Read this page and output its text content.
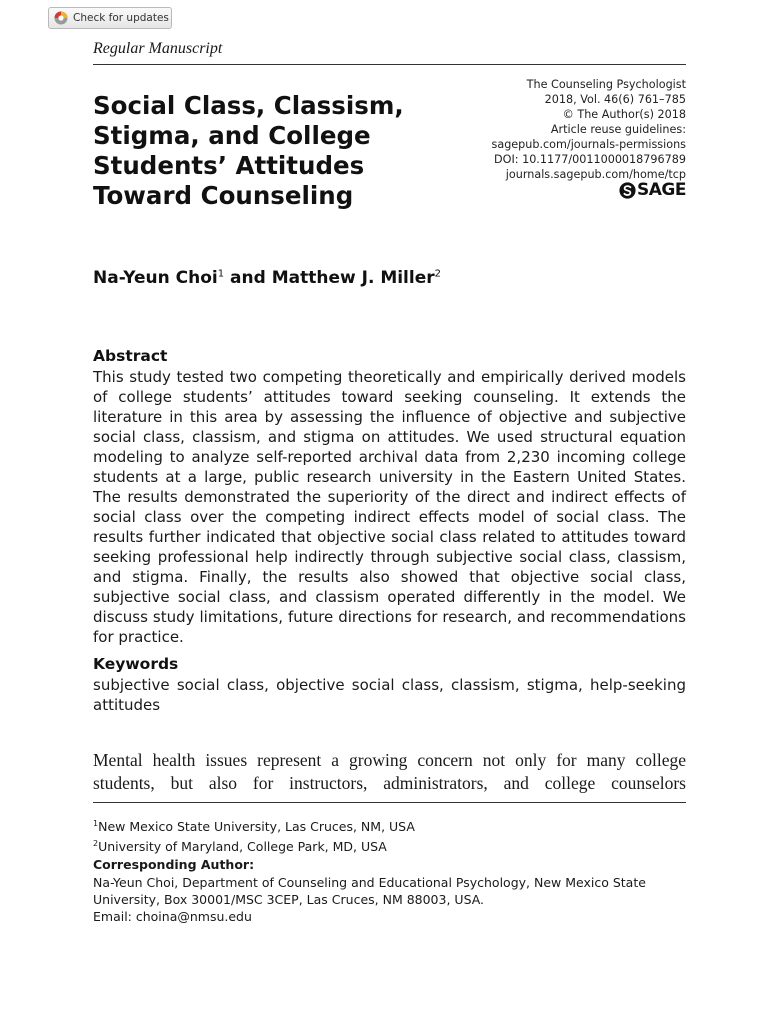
Check for updates
Regular Manuscript
The Counseling Psychologist
2018, Vol. 46(6) 761–785
© The Author(s) 2018
Article reuse guidelines:
sagepub.com/journals-permissions
DOI: 10.1177/0011000018796789
journals.sagepub.com/home/tcp
SAGE
Social Class, Classism, Stigma, and College Students’ Attitudes Toward Counseling
Na-Yeun Choi$^1$ and Matthew J. Miller$^2$
Abstract

This study tested two competing theoretically and empirically derived models of college students’ attitudes toward seeking counseling. It extends the literature in this area by assessing the influence of objective and subjective social class, classism, and stigma on attitudes. We used structural equation modeling to analyze self-reported archival data from 2,230 incoming college students at a large, public research university in the Eastern United States. The results demonstrated the superiority of the direct and indirect effects of social class over the competing indirect effects model of social class. The results further indicated that objective social class related to attitudes toward seeking professional help indirectly through subjective social class, classism, and stigma. Finally, the results also showed that objective social class, subjective social class, and classism operated differently in the model. We discuss study limitations, future directions for research, and recommendations for practice.

Keywords

subjective social class, objective social class, classism, stigma, help-seeking attitudes

Mental health issues represent a growing concern not only for many college students, but also for instructors, administrators, and college counselors

$^1$New Mexico State University, Las Cruces, NM, USA
$^2$University of Maryland, College Park, MD, USA
Corresponding Author:
Na-Yeun Choi, Department of Counseling and Educational Psychology, New Mexico State
University, Box 30001/MSC 3CEP, Las Cruces, NM 88003, USA.
Email: choina@nmsu.edu
